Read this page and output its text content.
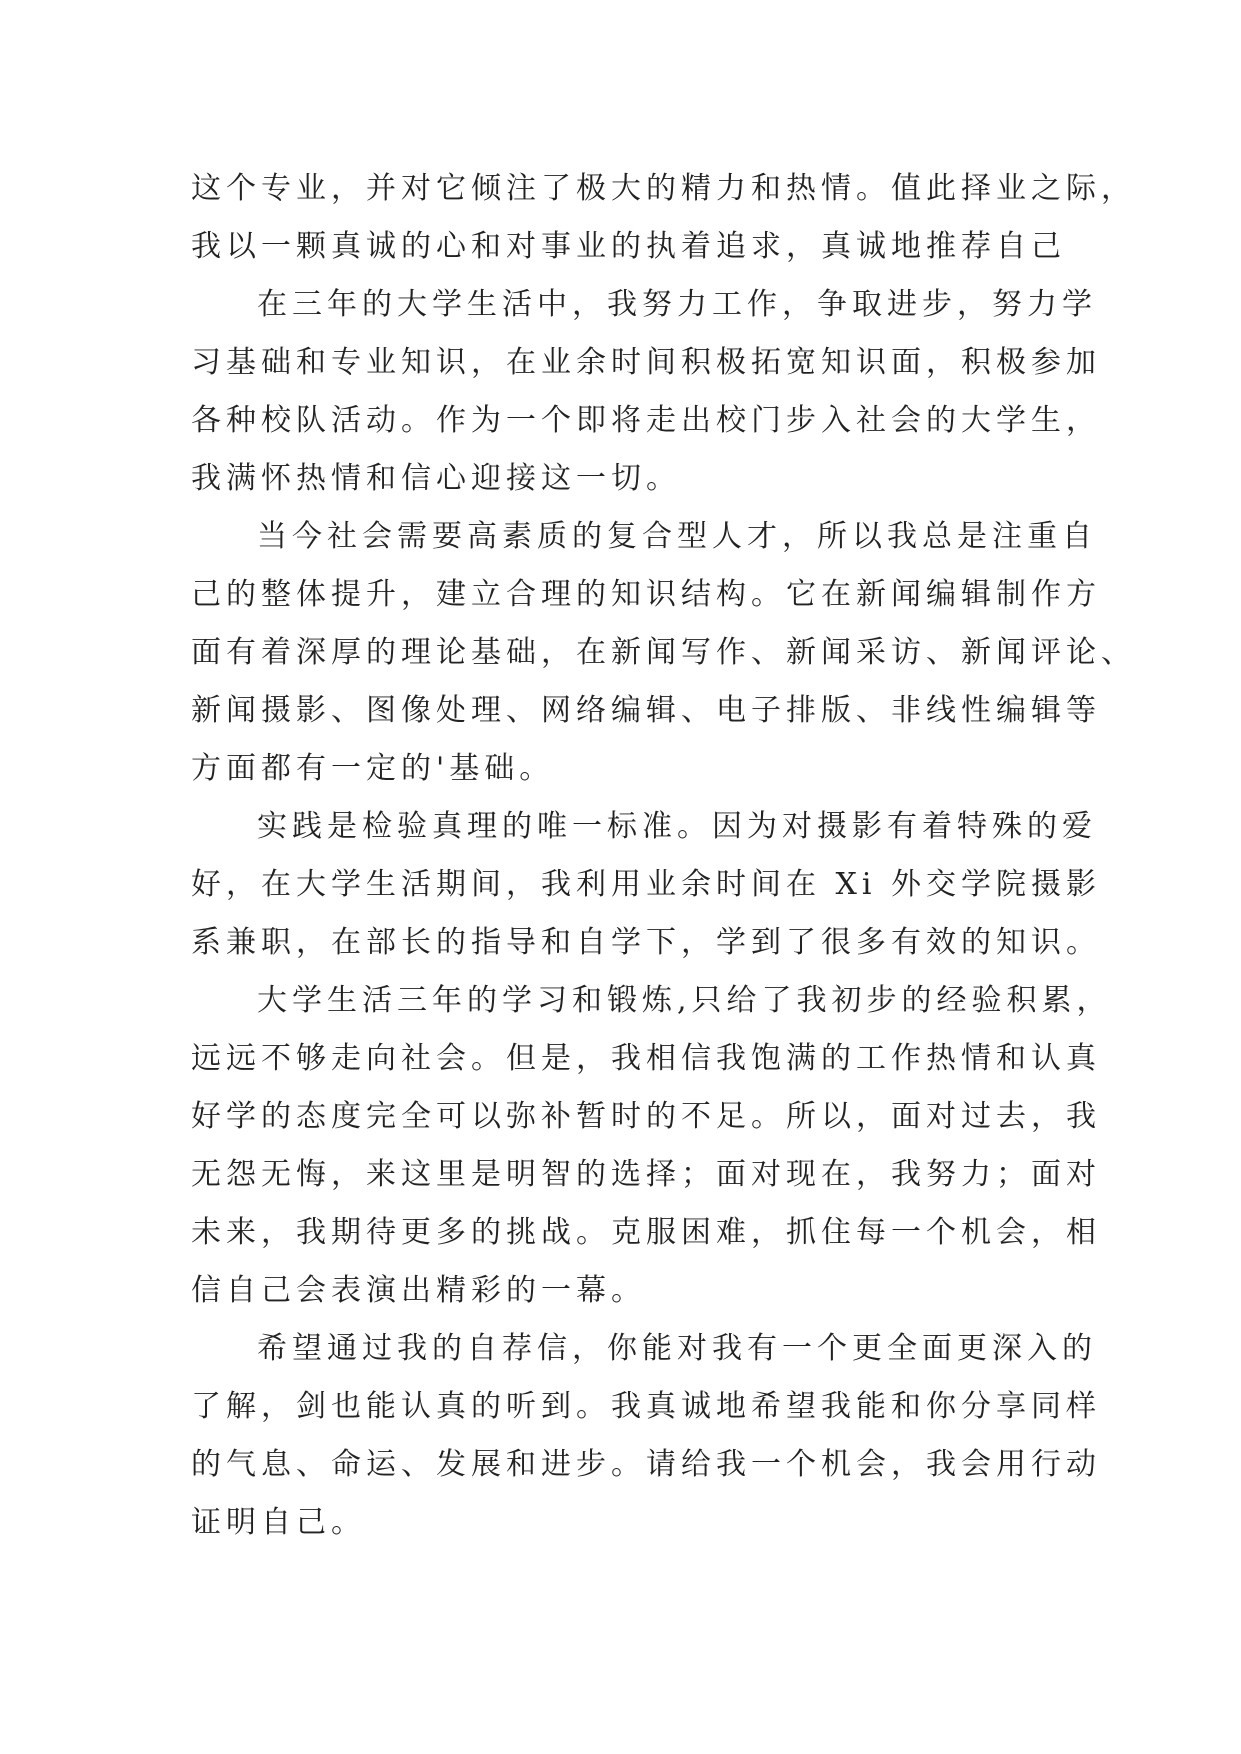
这个专业，并对它倾注了极大的精力和热情。值此择业之际，

我以一颗真诚的心和对事业的执着追求，真诚地推荐自己

在三年的大学生活中，我努力工作，争取进步，努力学

习基础和专业知识，在业余时间积极拓宽知识面，积极参加

各种校队活动。作为一个即将走出校门步入社会的大学生，

我满怀热情和信心迎接这一切。

当今社会需要高素质的复合型人才，所以我总是注重自

己的整体提升，建立合理的知识结构。它在新闻编辑制作方

面有着深厚的理论基础，在新闻写作、新闻采访、新闻评论、

新闻摄影、图像处理、网络编辑、电子排版、非线性编辑等

方面都有一定的'基础。

实践是检验真理的唯一标准。因为对摄影有着特殊的爱

好，在大学生活期间，我利用业余时间在 Xi 外交学院摄影

系兼职，在部长的指导和自学下，学到了很多有效的知识。

大学生活三年的学习和锻炼,只给了我初步的经验积累，

远远不够走向社会。但是，我相信我饱满的工作热情和认真

好学的态度完全可以弥补暂时的不足。所以，面对过去，我

无怨无悔，来这里是明智的选择；面对现在，我努力；面对

未来，我期待更多的挑战。克服困难，抓住每一个机会，相

信自己会表演出精彩的一幕。

希望通过我的自荐信，你能对我有一个更全面更深入的

了解，剑也能认真的听到。我真诚地希望我能和你分享同样

的气息、命运、发展和进步。请给我一个机会，我会用行动

证明自己。
